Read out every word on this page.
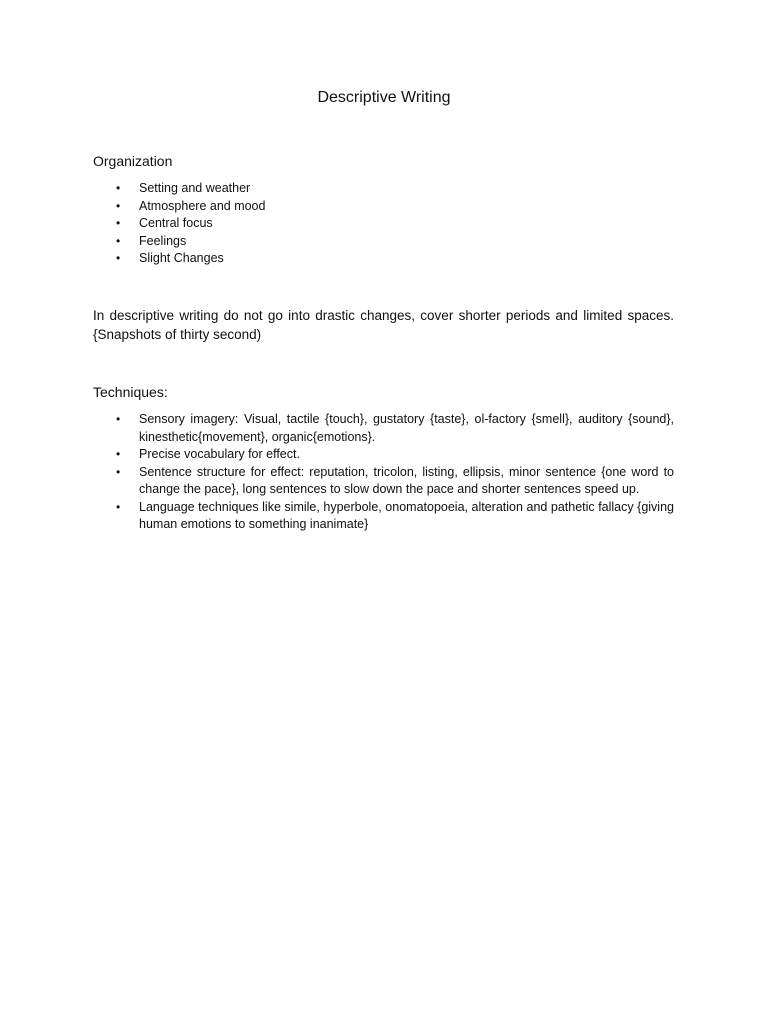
Descriptive Writing
Organization
• Setting and weather
• Atmosphere and mood
• Central focus
• Feelings
• Slight Changes

In descriptive writing do not go into drastic changes, cover shorter periods and limited spaces. {Snapshots of thirty second)

Techniques:
• Sensory imagery: Visual, tactile {touch}, gustatory {taste}, ol-factory {smell}, auditory {sound}, kinesthetic{movement}, organic{emotions}.
• Precise vocabulary for effect.
• Sentence structure for effect: reputation, tricolon, listing, ellipsis, minor sentence {one word to change the pace}, long sentences to slow down the pace and shorter sentences speed up.
• Language techniques like simile, hyperbole, onomatopoeia, alteration and pathetic fallacy {giving human emotions to something inanimate}
